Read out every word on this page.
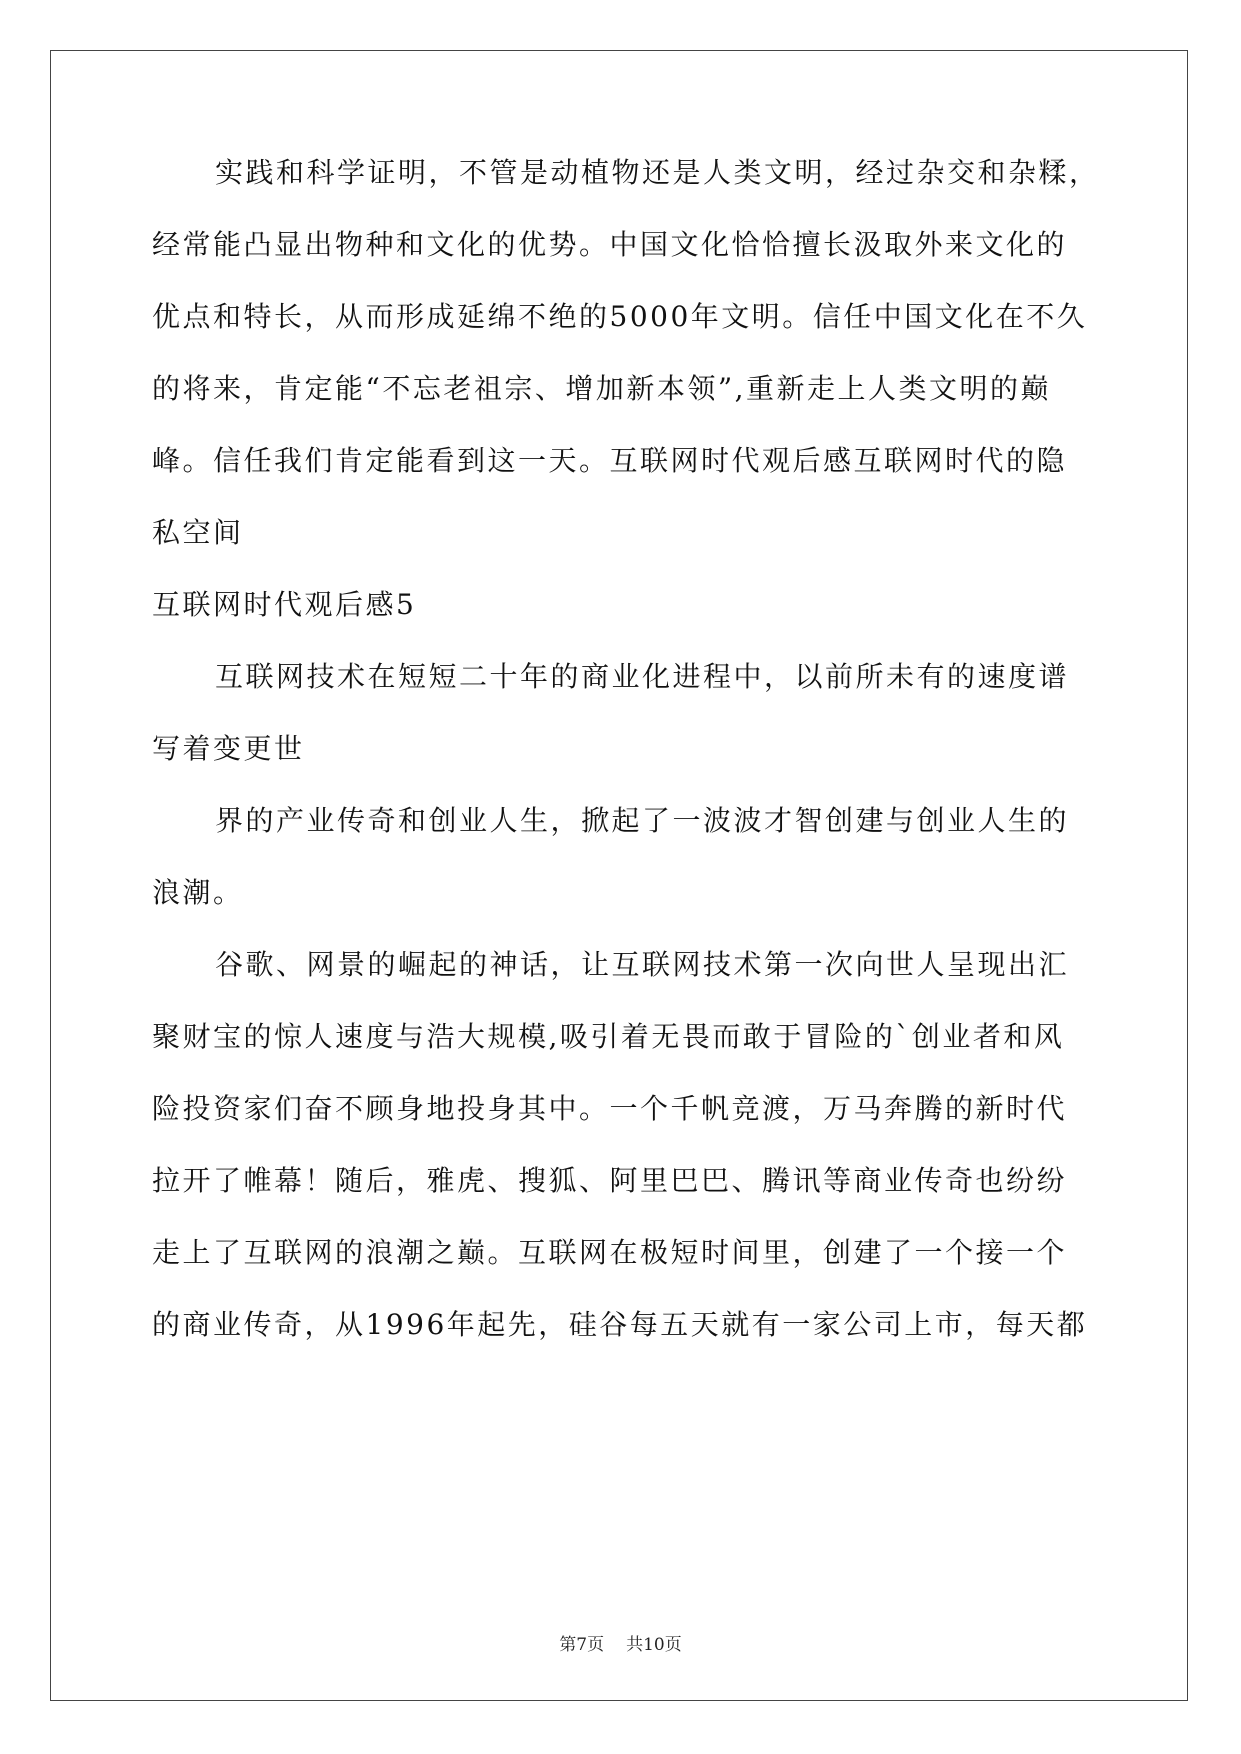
实践和科学证明，不管是动植物还是人类文明，经过杂交和杂糅，
经常能凸显出物种和文化的优势。中国文化恰恰擅长汲取外来文化的
优点和特长，从而形成延绵不绝的5000年文明。信任中国文化在不久
的将来，肯定能“不忘老祖宗、增加新本领”,重新走上人类文明的巅
峰。信任我们肯定能看到这一天。互联网时代观后感互联网时代的隐
私空间
互联网时代观后感5
互联网技术在短短二十年的商业化进程中，以前所未有的速度谱
写着变更世
界的产业传奇和创业人生，掀起了一波波才智创建与创业人生的
浪潮。
谷歌、网景的崛起的神话，让互联网技术第一次向世人呈现出汇
聚财宝的惊人速度与浩大规模,吸引着无畏而敢于冒险的`创业者和风
险投资家们奋不顾身地投身其中。一个千帆竞渡，万马奔腾的新时代
拉开了帷幕！随后，雅虎、搜狐、阿里巴巴、腾讯等商业传奇也纷纷
走上了互联网的浪潮之巅。互联网在极短时间里，创建了一个接一个
的商业传奇，从1996年起先，硅谷每五天就有一家公司上市，每天都
第7页 共10页
